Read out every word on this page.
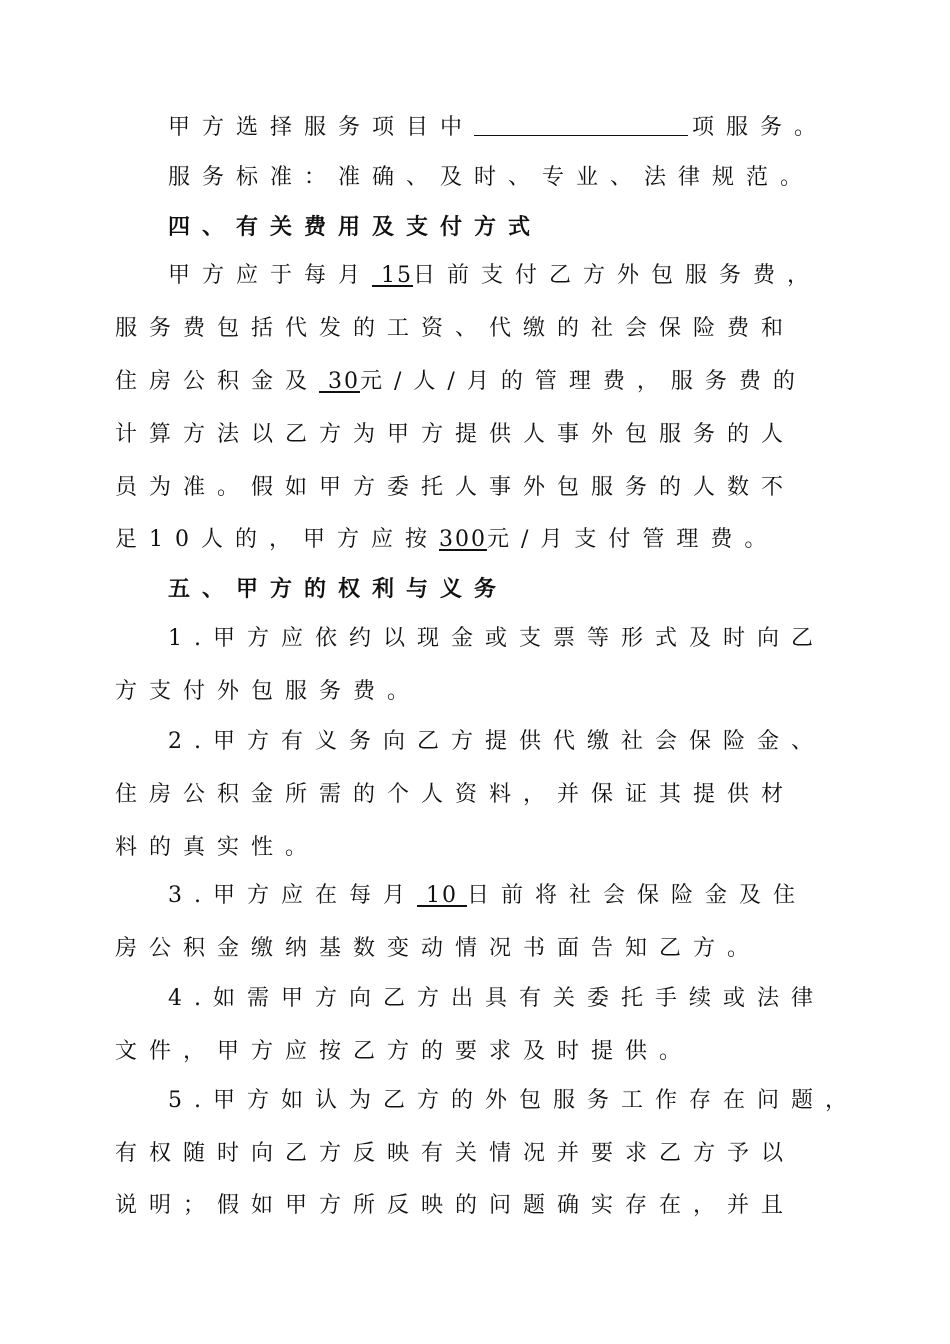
甲方选择服务项目中	项服务。
服务标准：准确、及时、专业、法律规范。
四、有关费用及支付方式
甲方应于每月 15日前支付乙方外包服务费，
服务费包括代发的工资、代缴的社会保险费和
住房公积金及 30元/人/月的管理费，服务费的
计算方法以乙方为甲方提供人事外包服务的人
员为准。假如甲方委托人事外包服务的人数不
足10人的，甲方应按300元/月支付管理费。
五、甲方的权利与义务
1.甲方应依约以现金或支票等形式及时向乙
方支付外包服务费。
2.甲方有义务向乙方提供代缴社会保险金、
住房公积金所需的个人资料，并保证其提供材
料的真实性。
3.甲方应在每月 10 日前将社会保险金及住
房公积金缴纳基数变动情况书面告知乙方。
4.如需甲方向乙方出具有关委托手续或法律
文件，甲方应按乙方的要求及时提供。
5.甲方如认为乙方的外包服务工作存在问题，
有权随时向乙方反映有关情况并要求乙方予以
说明；假如甲方所反映的问题确实存在，并且
